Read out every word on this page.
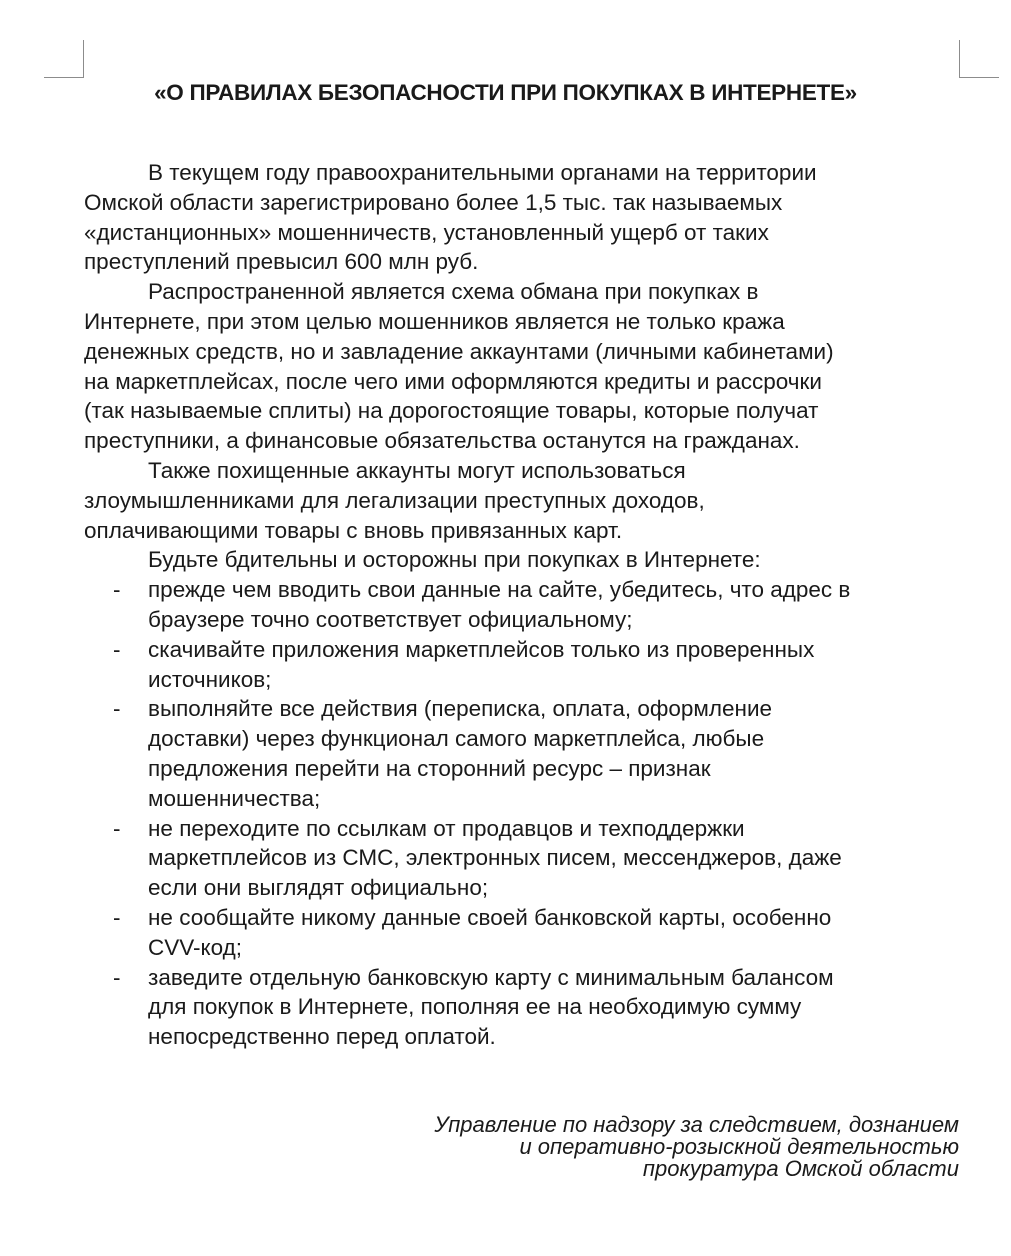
«О ПРАВИЛАХ БЕЗОПАСНОСТИ ПРИ ПОКУПКАХ В ИНТЕРНЕТЕ»

В текущем году правоохранительными органами на территории
Омской области зарегистрировано более 1,5 тыс. так называемых
«дистанционных» мошенничеств, установленный ущерб от таких
преступлений превысил 600 млн руб.

Распространенной является схема обмана при покупках в
Интернете, при этом целью мошенников является не только кража
денежных средств, но и завладение аккаунтами (личными кабинетами)
на маркетплейсах, после чего ими оформляются кредиты и рассрочки
(так называемые сплиты) на дорогостоящие товары, которые получат
преступники, а финансовые обязательства останутся на гражданах.

Также похищенные аккаунты могут использоваться
злоумышленниками для легализации преступных доходов,
оплачивающими товары с вновь привязанных карт.

Будьте бдительны и осторожны при покупках в Интернете:

- прежде чем вводить свои данные на сайте, убедитесь, что адрес в
браузере точно соответствует официальному;
- скачивайте приложения маркетплейсов только из проверенных
источников;
- выполняйте все действия (переписка, оплата, оформление
доставки) через функционал самого маркетплейса, любые
предложения перейти на сторонний ресурс – признак
мошенничества;
- не переходите по ссылкам от продавцов и техподдержки
маркетплейсов из СМС, электронных писем, мессенджеров, даже
если они выглядят официально;
- не сообщайте никому данные своей банковской карты, особенно
CVV-код;
- заведите отдельную банковскую карту с минимальным балансом
для покупок в Интернете, пополняя ее на необходимую сумму
непосредственно перед оплатой.
Управление по надзору за следствием, дознанием
и оперативно-розыскной деятельностью
прокуратура Омской области
